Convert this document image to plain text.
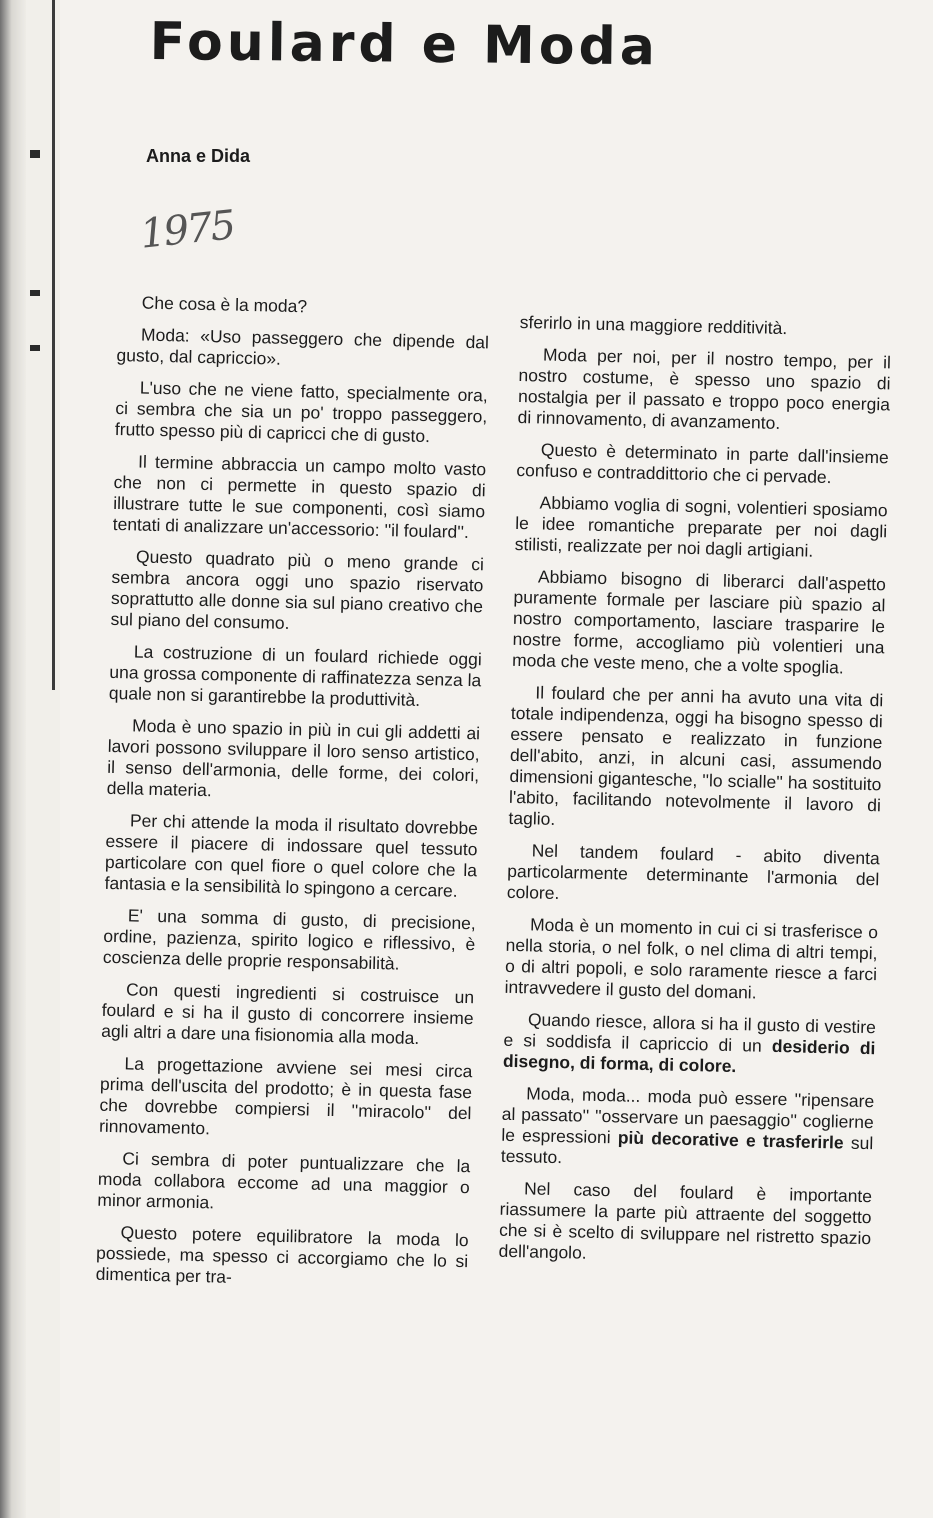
Foulard e Moda
Anna e Dida
1975

Che cosa è la moda?

Moda: «Uso passeggero che dipende dal gusto, dal capriccio».

L'uso che ne viene fatto, specialmente ora, ci sembra che sia un po' troppo passeggero, frutto spesso più di capricci che di gusto.

Il termine abbraccia un campo molto vasto che non ci permette in questo spazio di illustrare tutte le sue componenti, così siamo tentati di analizzare un'accessorio: ''il foulard''.

Questo quadrato più o meno grande ci sembra ancora oggi uno spazio riservato soprattutto alle donne sia sul piano creativo che sul piano del consumo.

La costruzione di un foulard richiede oggi una grossa componente di raffinatezza senza la quale non si garantirebbe la produttività.

Moda è uno spazio in più in cui gli addetti ai lavori possono sviluppare il loro senso artistico, il senso dell'armonia, delle forme, dei colori, della materia.

Per chi attende la moda il risultato dovrebbe essere il piacere di indossare quel tessuto particolare con quel fiore o quel colore che la fantasia e la sensibilità lo spingono a cercare.

E' una somma di gusto, di precisione, ordine, pazienza, spirito logico e riflessivo, è coscienza delle proprie responsabilità.

Con questi ingredienti si costruisce un foulard e si ha il gusto di concorrere insieme agli altri a dare una fisionomia alla moda.

La progettazione avviene sei mesi circa prima dell'uscita del prodotto; è in questa fase che dovrebbe compiersi il ''miracolo'' del rinnovamento.

Ci sembra di poter puntualizzare che la moda collabora eccome ad una maggior o minor armonia.

Questo potere equilibratore la moda lo possiede, ma spesso ci accorgiamo che lo si dimentica per tra-

sferirlo in una maggiore redditività.

Moda per noi, per il nostro tempo, per il nostro costume, è spesso uno spazio di nostalgia per il passato e troppo poco energia di rinnovamento, di avanzamento.

Questo è determinato in parte dall'insieme confuso e contraddittorio che ci pervade.

Abbiamo voglia di sogni, volentieri sposiamo le idee romantiche preparate per noi dagli stilisti, realizzate per noi dagli artigiani.

Abbiamo bisogno di liberarci dall'aspetto puramente formale per lasciare più spazio al nostro comportamento, lasciare trasparire le nostre forme, accogliamo più volentieri una moda che veste meno, che a volte spoglia.

Il foulard che per anni ha avuto una vita di totale indipendenza, oggi ha bisogno spesso di essere pensato e realizzato in funzione dell'abito, anzi, in alcuni casi, assumendo dimensioni gigantesche, ''lo scialle'' ha sostituito l'abito, facilitando notevolmente il lavoro di taglio.

Nel tandem foulard - abito diventa particolarmente determinante l'armonia del colore.

Moda è un momento in cui ci si trasferisce o nella storia, o nel folk, o nel clima di altri tempi, o di altri popoli, e solo raramente riesce a farci intravvedere il gusto del domani.

Quando riesce, allora si ha il gusto di vestire e si soddisfa il capriccio di un desiderio di disegno, di forma, di colore.

Moda, moda... moda può essere ''ripensare al passato'' ''osservare un paesaggio'' coglierne le espressioni più decorative e trasferirle sul tessuto.

Nel caso del foulard è importante riassumere la parte più attraente del soggetto che si è scelto di sviluppare nel ristretto spazio dell'angolo.
